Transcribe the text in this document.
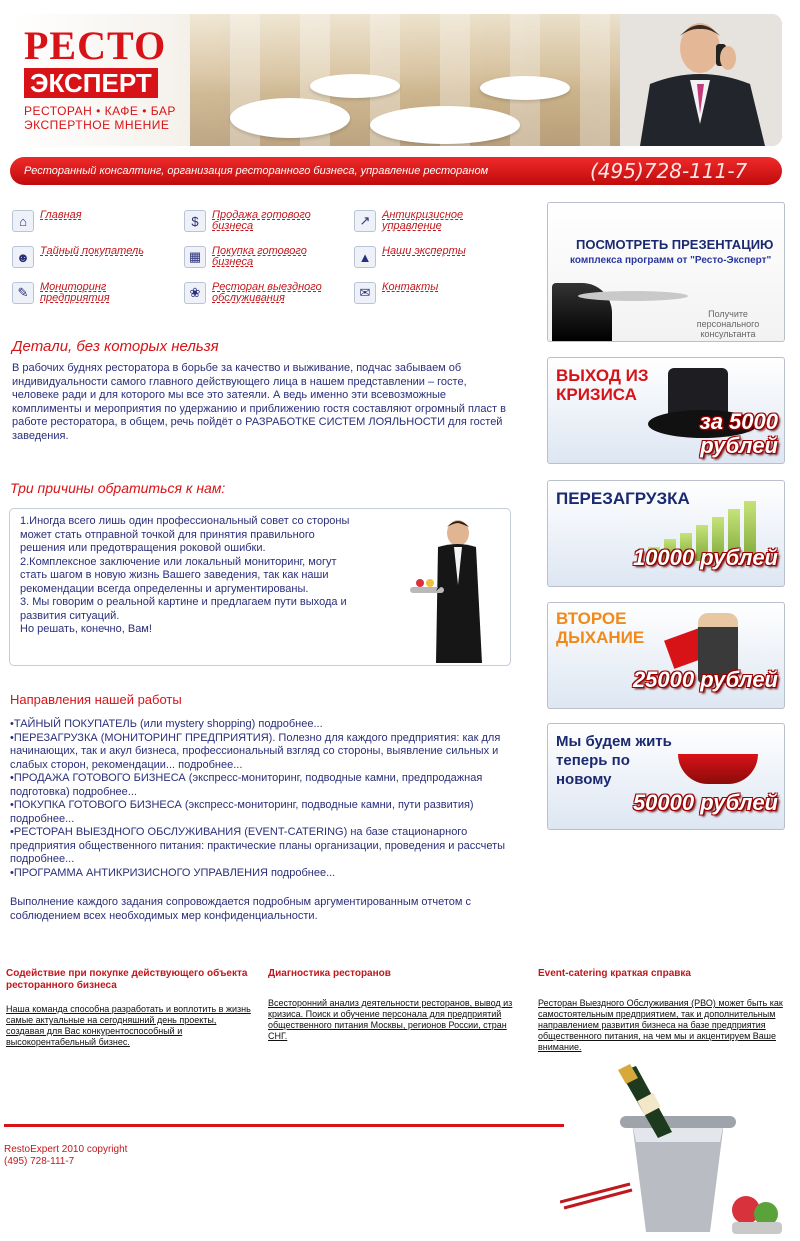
РЕСТО
ЭКСПЕРТ
РЕСТОРАН • КАФЕ • БАР
ЭКСПЕРТНОЕ МНЕНИЕ
Ресторанный консалтинг, организация ресторанного бизнеса, управление рестораном	(495)728-111-7
⌂	Главная	$	Продажа готового бизнеса	↗	Антикризисное управление
☻ Тайный покупатель	▦ Покупка готового бизнеса	▲ Наши эксперты
✎	Мониторинг предприятия	❀	Ресторан выездного обслуживания	✉	Контакты
ПОСМОТРЕТЬ ПРЕЗЕНТАЦИЮ
комплекса программ от "Ресто-Эксперт"
Получите персонального консультанта
ВЫХОД ИЗ КРИЗИСА
за 5000 рублей
ПЕРЕЗАГРУЗКА
10000 рублей
ВТОРОЕ ДЫХАНИЕ
25000 рублей
Мы будем жить теперь по новому
50000 рублей
Детали, без которых нельзя
В рабочих буднях ресторатора в борьбе за качество и выживание, подчас забываем об индивидуальности самого главного действующего лица в нашем представлении – госте, человеке ради и для которого мы все это затеяли. А ведь именно эти всевозможные комплименты и мероприятия по удержанию и приближению гостя составляют огромный пласт в работе ресторатора, в общем, речь пойдёт о РАЗРАБОТКЕ СИСТЕМ ЛОЯЛЬНОСТИ для гостей заведения.
Три причины обратиться к нам:
1.Иногда всего лишь один профессиональный совет со стороны может стать отправной точкой для принятия правильного решения или предотвращения роковой ошибки.
2.Комплексное заключение или локальный мониторинг, могут стать шагом в новую жизнь Вашего заведения, так как наши рекомендации всегда определенны и аргументированы.
3. Мы говорим о реальной картине и предлагаем пути выхода и развития ситуаций.
Но решать, конечно, Вам!
Направления нашей работы
•ТАЙНЫЙ ПОКУПАТЕЛЬ (или mystery shopping) подробнее...
•ПЕРЕЗАГРУЗКА (МОНИТОРИНГ ПРЕДПРИЯТИЯ). Полезно для каждого предприятия: как для начинающих, так и акул бизнеса, профессиональный взгляд со стороны, выявление сильных и слабых сторон, рекомендации... подробнее...
•ПРОДАЖА ГОТОВОГО БИЗНЕСА (экспресс-мониторинг, подводные камни, предпродажная подготовка) подробнее...
•ПОКУПКА ГОТОВОГО БИЗНЕСА (экспресс-мониторинг, подводные камни, пути развития) подробнее...
•РЕСТОРАН ВЫЕЗДНОГО ОБСЛУЖИВАНИЯ (EVENT-CATERING) на базе стационарного предприятия общественного питания: практические планы организации, проведения и рассчеты подробнее...
•ПРОГРАММА АНТИКРИЗИСНОГО УПРАВЛЕНИЯ подробнее...
Выполнение каждого задания сопровождается подробным аргументированным отчетом с соблюдением всех необходимых мер конфиденциальности.
Содействие при покупке действующего объекта ресторанного бизнеса
Наша команда способна разработать и воплотить в жизнь самые актуальные на сегодняшний день проекты, создавая для Вас конкурентоспособный и высокорентабельный бизнес.
Диагностика ресторанов
Всесторонний анализ деятельности ресторанов, вывод из кризиса. Поиск и обучение персонала для предприятий общественного питания Москвы, регионов России, стран СНГ.
Event-catering краткая справка
Ресторан Выездного Обслуживания (РВО) может быть как самостоятельным предприятием, так и дополнительным направлением развития бизнеса на базе предприятия общественного питания, на чем мы и акцентируем Ваше внимание.
RestoExpert 2010 copyright
(495) 728-111-7
